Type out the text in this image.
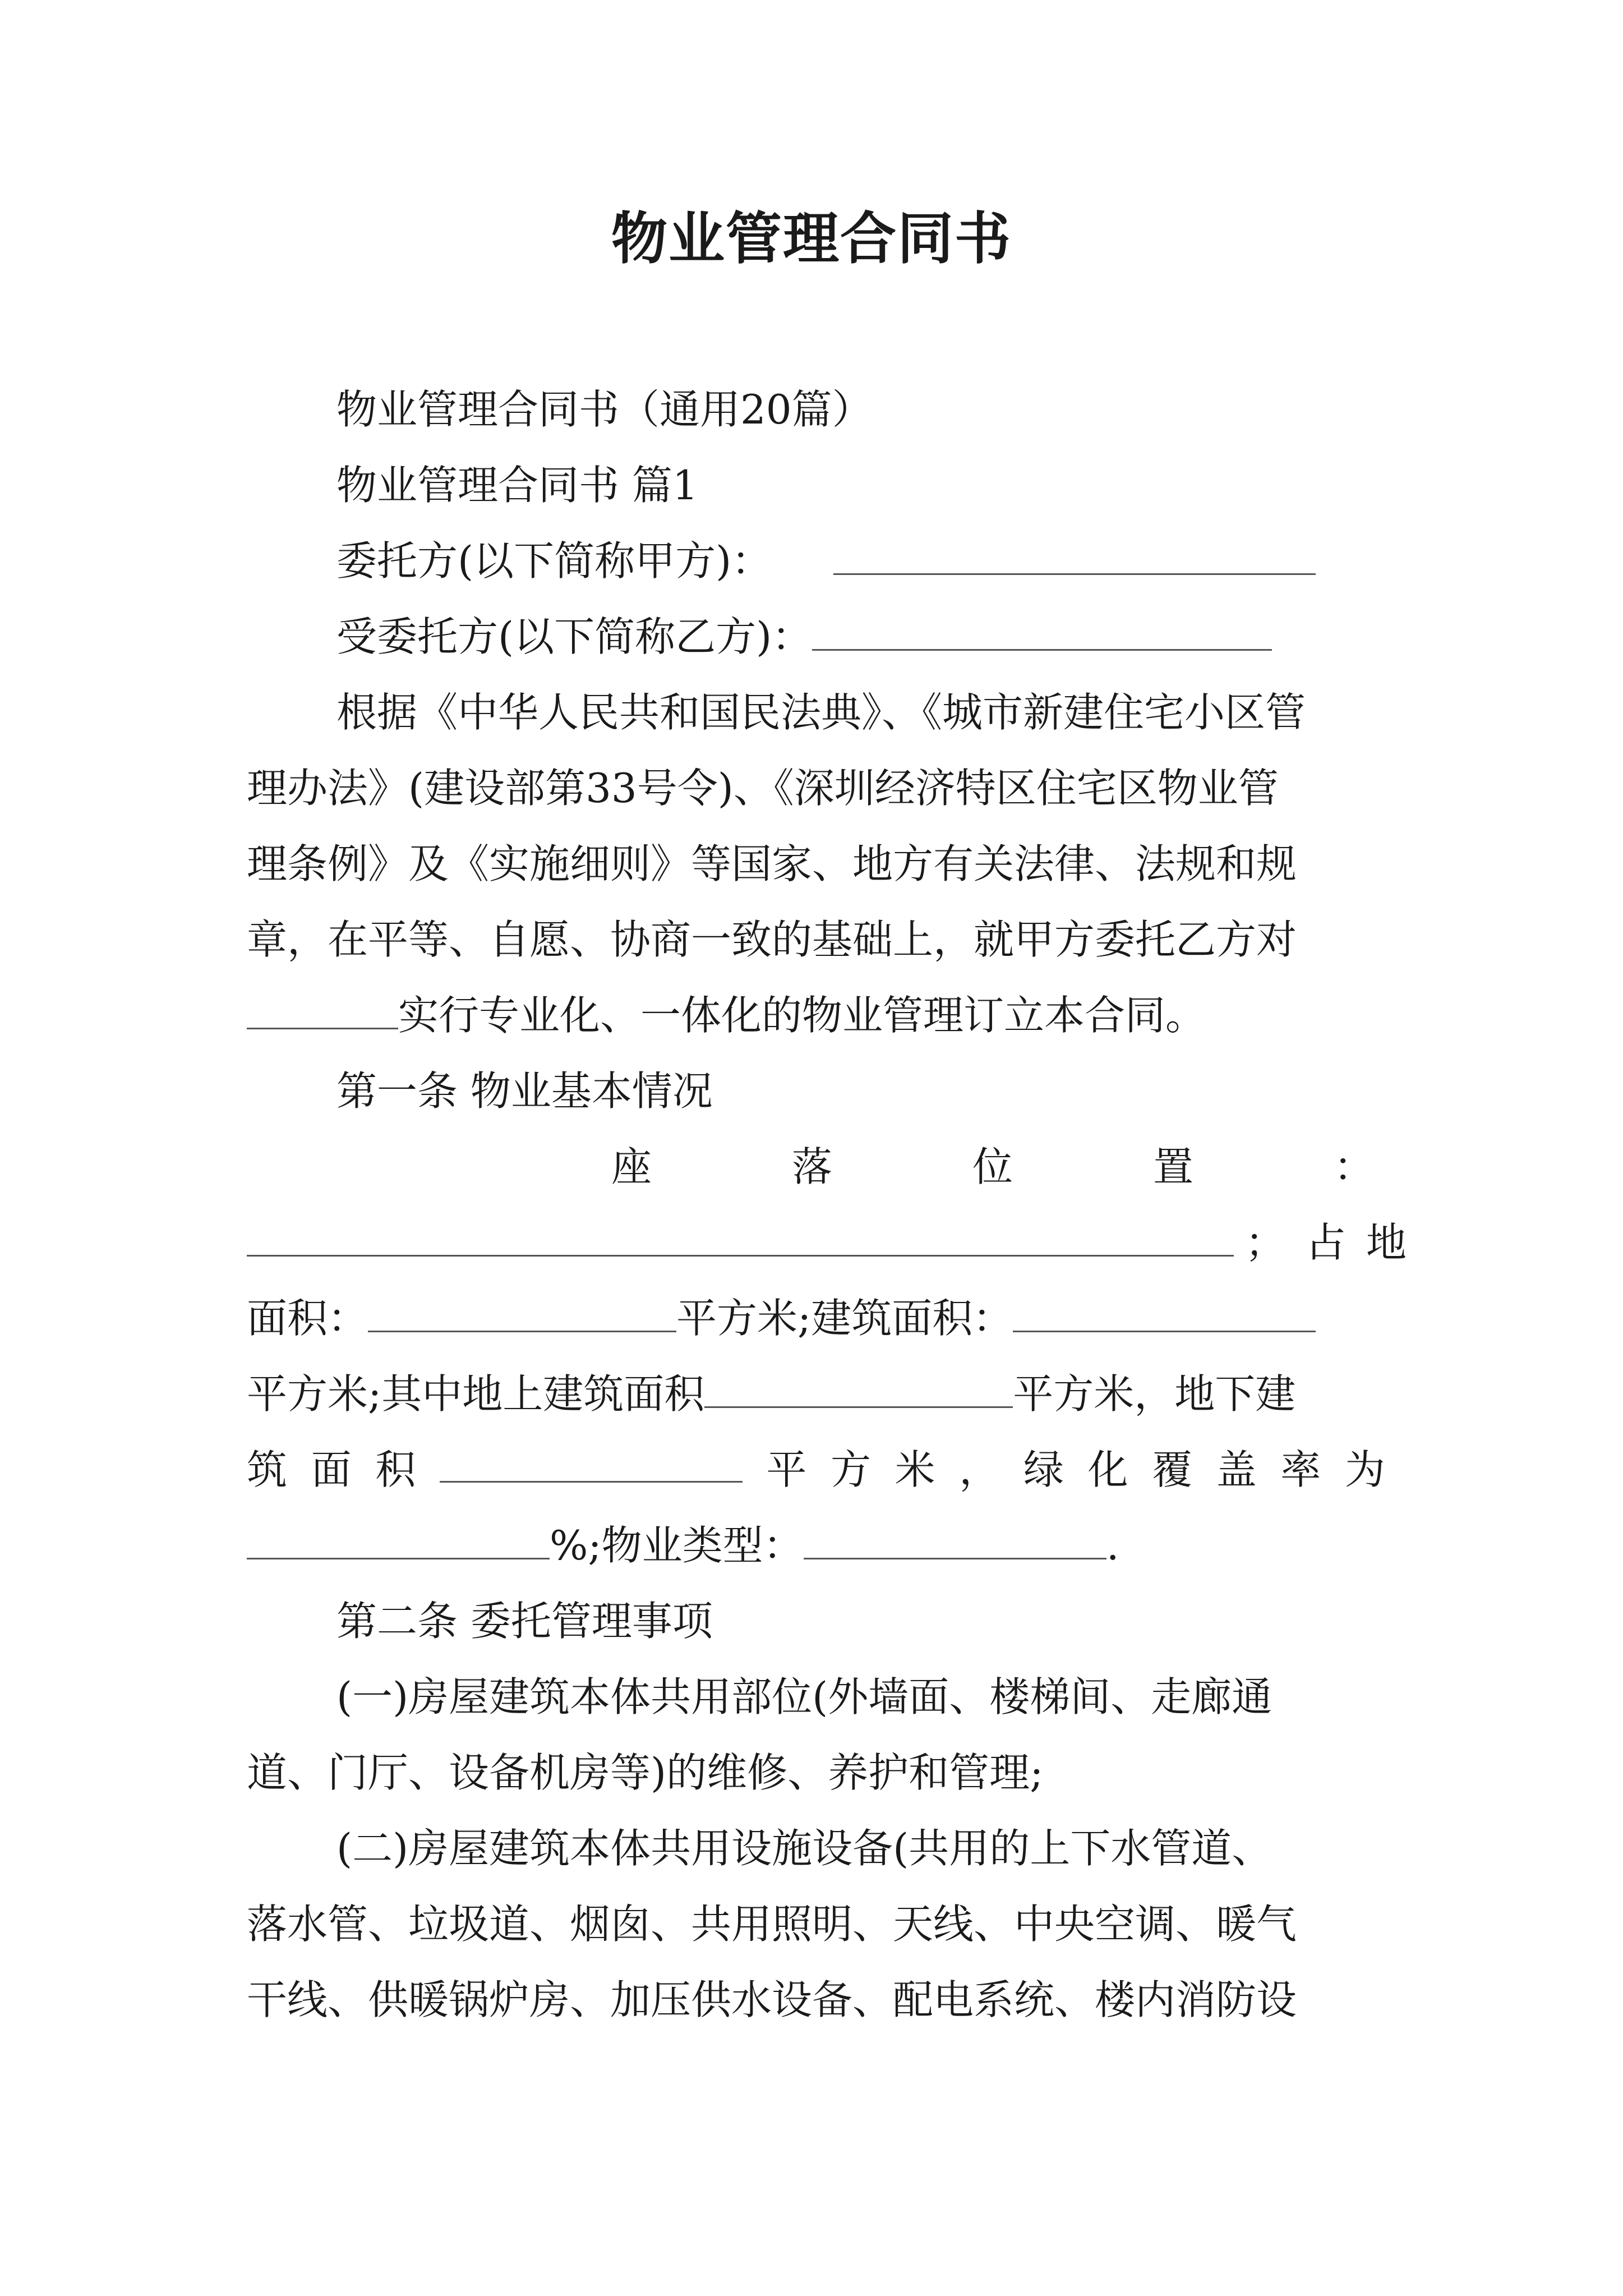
物业管理合同书

物业管理合同书（通用20篇）

物业管理合同书 篇1

委托方(以下简称甲方)：

受委托方(以下简称乙方)：

根据《中华人民共和国民法典》、《城市新建住宅小区管

理办法》(建设部第33号令)、《深圳经济特区住宅区物业管

理条例》及《实施细则》等国家、地方有关法律、法规和规

章，在平等、自愿、协商一致的基础上，就甲方委托乙方对

实行专业化、一体化的物业管理订立本合同。

第一条 物业基本情况

座	落	位	置	：

；占地

面积：	平方米;建筑面积：

平方米;其中地上建筑面积	平方米，地下建

筑 面 积	平 方 米 ， 绿 化 覆 盖 率 为

%;物业类型：	.

第二条 委托管理事项

(一)房屋建筑本体共用部位(外墙面、楼梯间、走廊通

道、门厅、设备机房等)的维修、养护和管理;

(二)房屋建筑本体共用设施设备(共用的上下水管道、

落水管、垃圾道、烟囱、共用照明、天线、中央空调、暖气

干线、供暖锅炉房、加压供水设备、配电系统、楼内消防设
